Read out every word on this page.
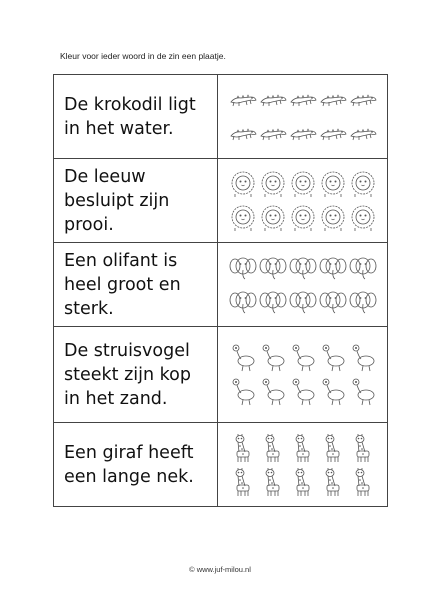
Kleur voor ieder woord in de zin een plaatje.
De krokodil ligt in het water.

De leeuw besluipt zijn prooi.

Een olifant is heel groot en sterk.

De struisvogel steekt zijn kop in het zand.

Een giraf heeft een lange nek.

© www.juf-milou.nl
